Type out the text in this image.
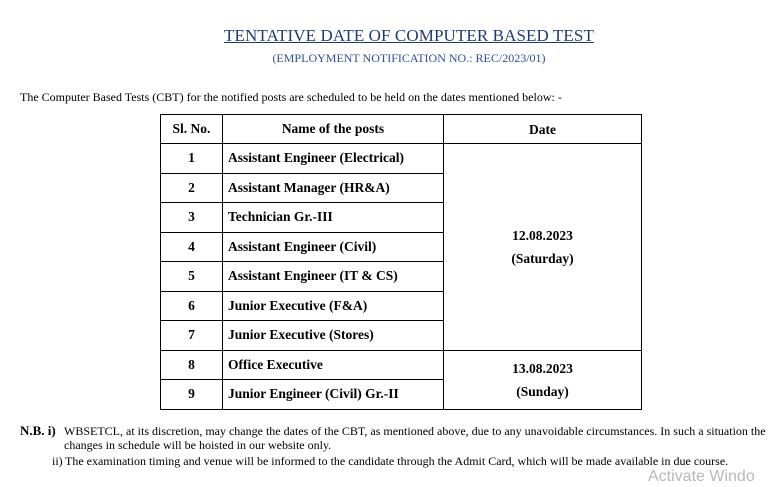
TENTATIVE DATE OF COMPUTER BASED TEST
(EMPLOYMENT NOTIFICATION NO.: REC/2023/01)
The Computer Based Tests (CBT) for the notified posts are scheduled to be held on the dates mentioned below: -
Sl. No.	Name of the posts	Date
1	Assistant Engineer (Electrical)	12.08.2023
(Saturday)

2	Assistant Manager (HR&A)	
3	Technician Gr.-III	
4	Assistant Engineer (Civil)	
5	Assistant Engineer (IT & CS)	
6	Junior Executive (F&A)	
7	Junior Executive (Stores)	
8	Office Executive	13.08.2023
(Sunday)

9	Junior Engineer (Civil) Gr.-II	
N.B. i) WBSETCL, at its discretion, may change the dates of the CBT, as mentioned above, due to any unavoidable circumstances. In such a situation the changes in schedule will be hoisted in our website only.
ii) The examination timing and venue will be informed to the candidate through the Admit Card, which will be made available in due course.
Activate Windo
